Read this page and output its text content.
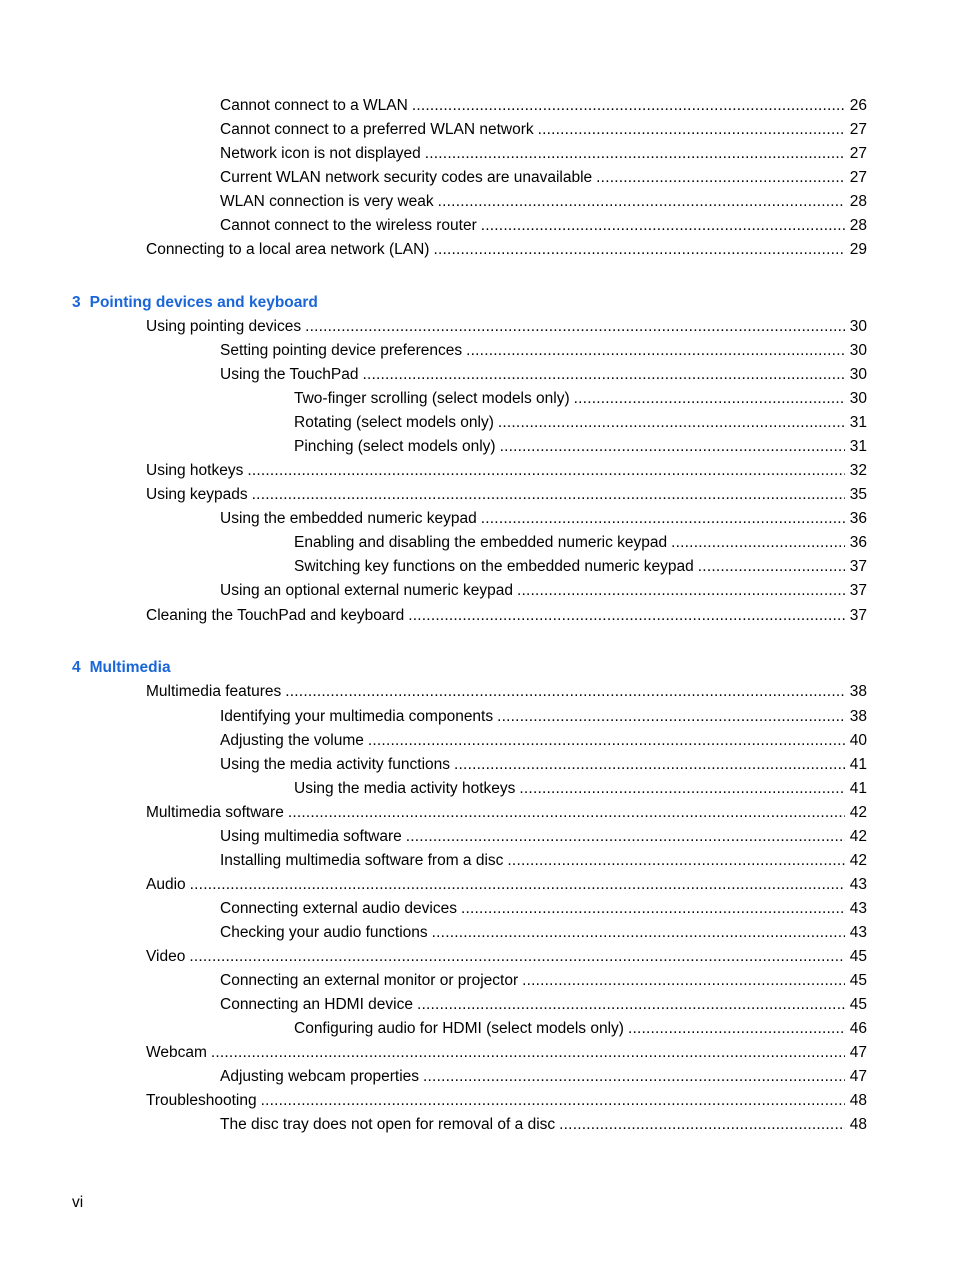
Cannot connect to a WLAN . . .	26
Cannot connect to a preferred WLAN network . . .	27
Network icon is not displayed . . .	27
Current WLAN network security codes are unavailable . . .	27
WLAN connection is very weak . . .	28
Cannot connect to the wireless router . . .	28
Connecting to a local area network (LAN) . . .	29
3 Pointing devices and keyboard
Using pointing devices . . .	30
Setting pointing device preferences . . .	30
Using the TouchPad . . .	30
Two-finger scrolling (select models only) . . .	30
Rotating (select models only) . . .	31
Pinching (select models only) . . .	31
Using hotkeys . . .	32
Using keypads . . .	35
Using the embedded numeric keypad . . .	36
Enabling and disabling the embedded numeric keypad . . .	36
Switching key functions on the embedded numeric keypad . . .	37
Using an optional external numeric keypad . . .	37
Cleaning the TouchPad and keyboard . . .	37
4 Multimedia
Multimedia features . . .	38
Identifying your multimedia components . . .	38
Adjusting the volume . . .	40
Using the media activity functions . . .	41
Using the media activity hotkeys . . .	41
Multimedia software . . .	42
Using multimedia software . . .	42
Installing multimedia software from a disc . . .	42
Audio . . .	43
Connecting external audio devices . . .	43
Checking your audio functions . . .	43
Video . . .	45
Connecting an external monitor or projector . . .	45
Connecting an HDMI device . . .	45
Configuring audio for HDMI (select models only) . . .	46
Webcam . . .	47
Adjusting webcam properties . . .	47
Troubleshooting . . .	48
The disc tray does not open for removal of a disc . . .	48
vi
